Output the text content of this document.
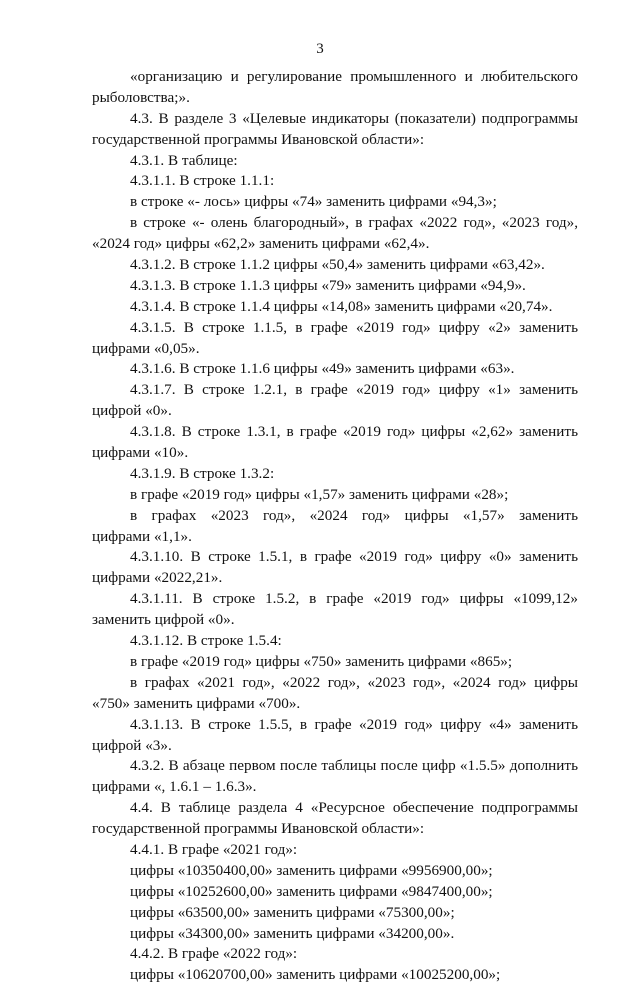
3
«организацию и регулирование промышленного и любительского
рыболовства;».
4.3. В разделе 3 «Целевые индикаторы (показатели) подпрограммы
государственной программы Ивановской области»:
4.3.1. В таблице:
4.3.1.1. В строке 1.1.1:
в строке «- лось» цифры «74» заменить цифрами «94,3»;
в строке «- олень благородный», в графах «2022 год», «2023 год»,
«2024 год» цифры «62,2» заменить цифрами «62,4».
4.3.1.2. В строке 1.1.2 цифры «50,4» заменить цифрами «63,42».
4.3.1.3. В строке 1.1.3 цифры «79» заменить цифрами «94,9».
4.3.1.4. В строке 1.1.4 цифры «14,08» заменить цифрами «20,74».
4.3.1.5. В строке 1.1.5, в графе «2019 год» цифру «2» заменить
цифрами «0,05».
4.3.1.6. В строке 1.1.6 цифры «49» заменить цифрами «63».
4.3.1.7. В строке 1.2.1, в графе «2019 год» цифру «1» заменить
цифрой «0».
4.3.1.8. В строке 1.3.1, в графе «2019 год» цифры «2,62» заменить
цифрами «10».
4.3.1.9. В строке 1.3.2:
в графе «2019 год» цифры «1,57» заменить цифрами «28»;
в графах «2023 год», «2024 год» цифры «1,57» заменить
цифрами «1,1».
4.3.1.10. В строке 1.5.1, в графе «2019 год» цифру «0» заменить
цифрами «2022,21».
4.3.1.11. В строке 1.5.2, в графе «2019 год» цифры «1099,12»
заменить цифрой «0».
4.3.1.12. В строке 1.5.4:
в графе «2019 год» цифры «750» заменить цифрами «865»;
в графах «2021 год», «2022 год», «2023 год», «2024 год» цифры
«750» заменить цифрами «700».
4.3.1.13. В строке 1.5.5, в графе «2019 год» цифру «4» заменить
цифрой «3».
4.3.2. В абзаце первом после таблицы после цифр «1.5.5» дополнить
цифрами «, 1.6.1 – 1.6.3».
4.4. В таблице раздела 4 «Ресурсное обеспечение подпрограммы
государственной программы Ивановской области»:
4.4.1. В графе «2021 год»:
цифры «10350400,00» заменить цифрами «9956900,00»;
цифры «10252600,00» заменить цифрами «9847400,00»;
цифры «63500,00» заменить цифрами «75300,00»;
цифры «34300,00» заменить цифрами «34200,00».
4.4.2. В графе «2022 год»:
цифры «10620700,00» заменить цифрами «10025200,00»;
